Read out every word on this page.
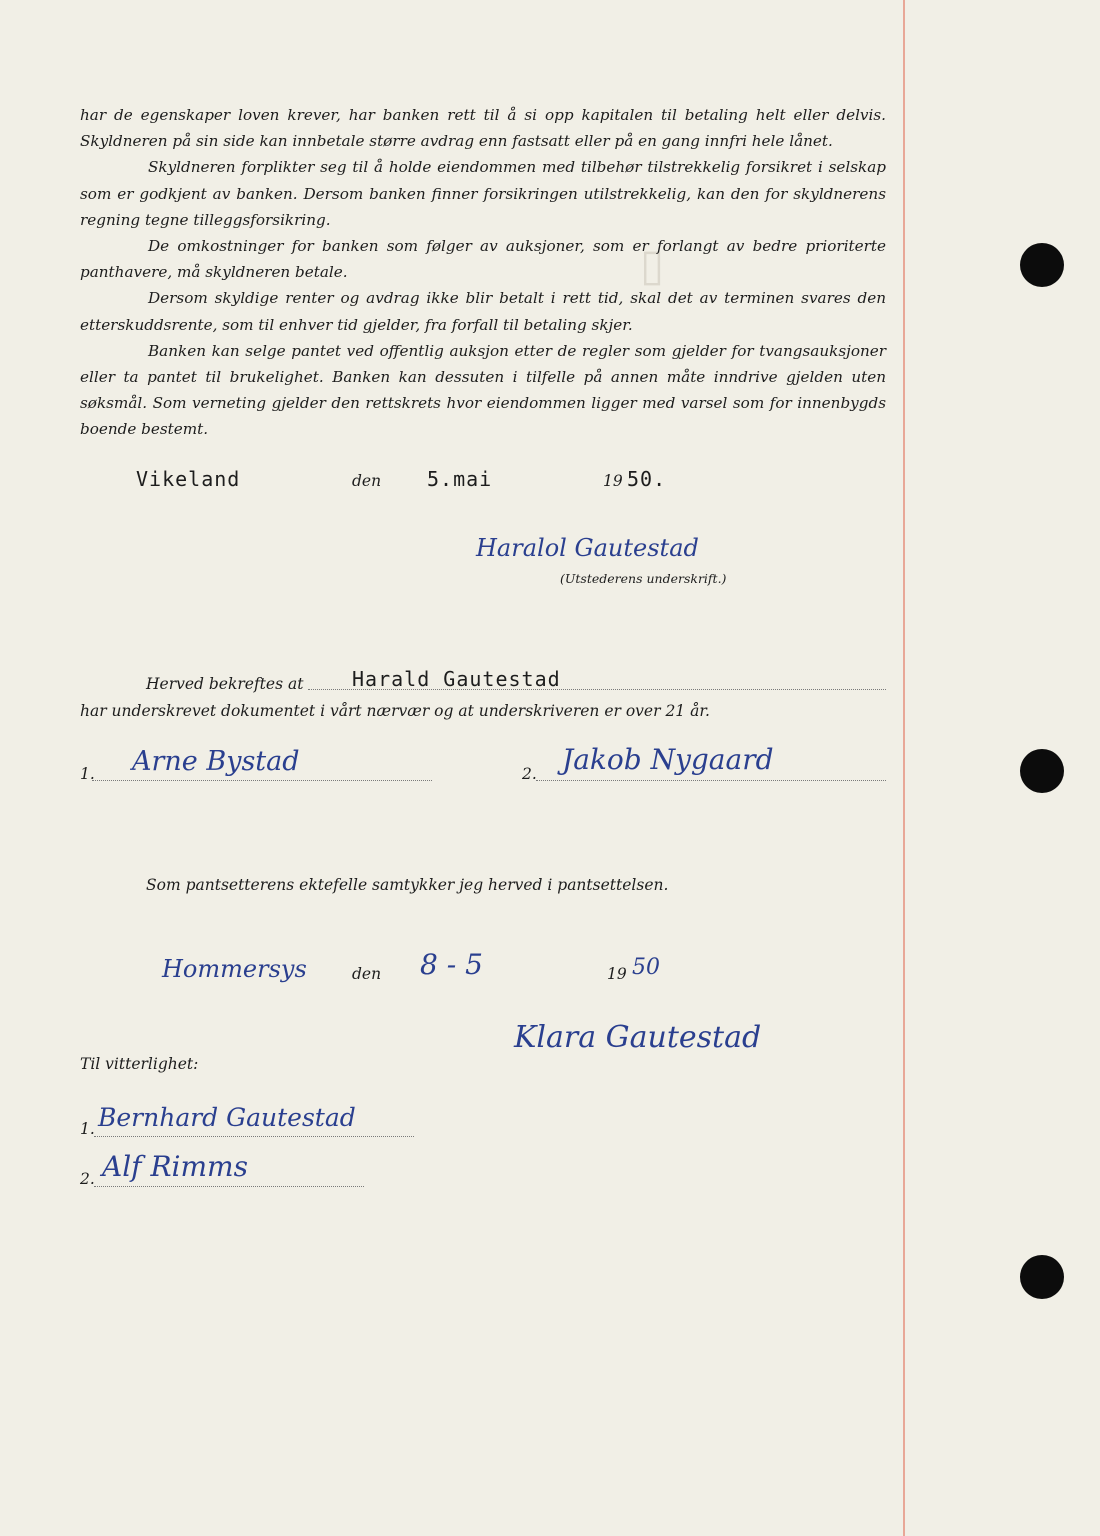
▯

har de egenskaper loven krever, har banken rett til å si opp kapitalen til betaling helt eller delvis. Skyldneren på sin side kan innbetale større avdrag enn fastsatt eller på en gang innfri hele lånet.

Skyldneren forplikter seg til å holde eiendommen med tilbehør tilstrekkelig forsikret i selskap som er godkjent av banken. Dersom banken finner forsikringen utilstrekkelig, kan den for skyldnerens regning tegne tilleggsforsikring.

De omkostninger for banken som følger av auksjoner, som er forlangt av bedre prioriterte panthavere, må skyldneren betale.

Dersom skyldige renter og avdrag ikke blir betalt i rett tid, skal det av terminen svares den etterskuddsrente, som til enhver tid gjelder, fra forfall til betaling skjer.

Banken kan selge pantet ved offentlig auksjon etter de regler som gjelder for tvangsauksjoner eller ta pantet til brukelighet. Banken kan dessuten i tilfelle på annen måte inndrive gjelden uten søksmål. Som verneting gjelder den rettskrets hvor eiendommen ligger med varsel som for innenbygds boende bestemt.

Vikeland	den 5.mai	19 50.
Haralol Gautestad
(Utstederens underskrift.)
Herved bekreftes at Harald Gautestad
har underskrevet dokumentet i vårt nærvær og at underskriveren er over 21 år.
1. Arne Bystad	2. Jakob Nygaard
Som pantsetterens ektefelle samtykker jeg herved i pantsettelsen.
Hommersys	den 8 - 5	19 50
Klara Gautestad
Til vitterlighet:
1. Bernhard Gautestad
2. Alf Rimms
